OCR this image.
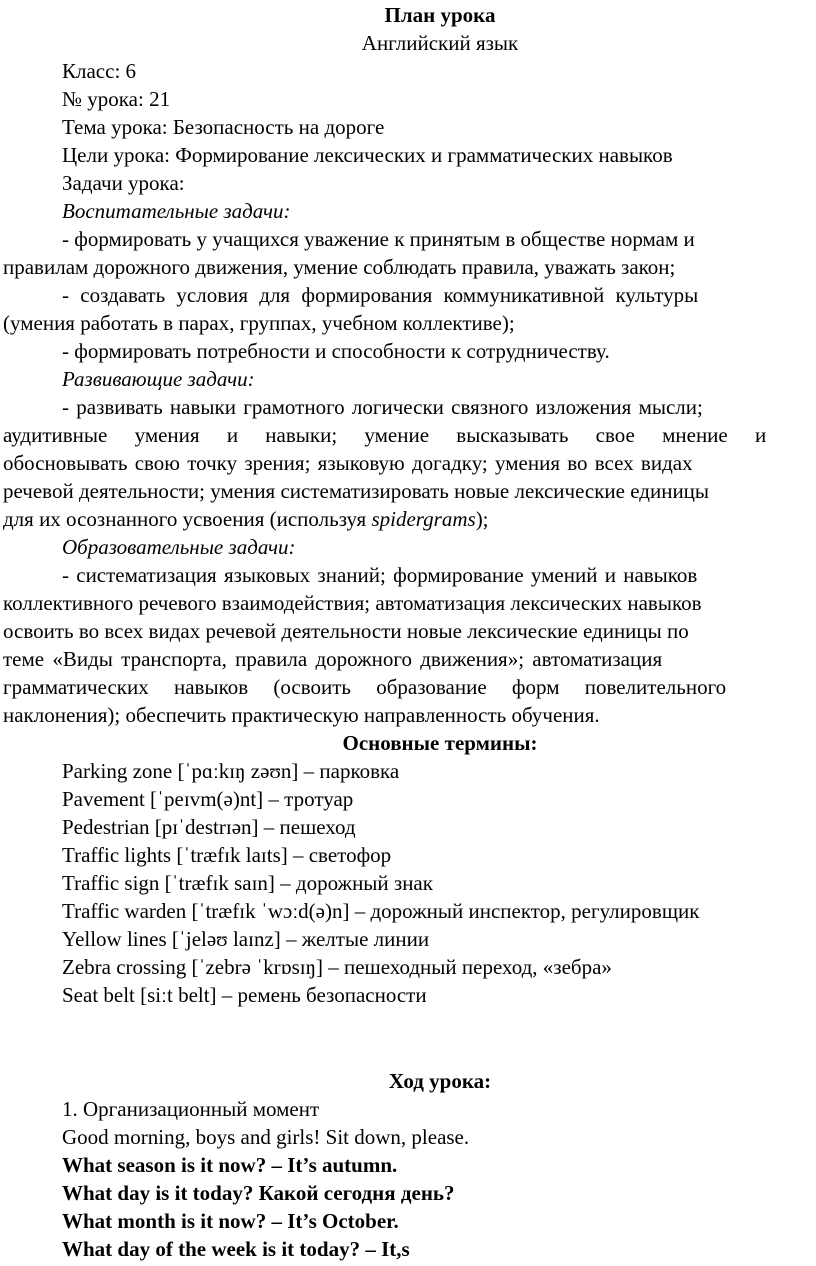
План урока
Английский язык
Класс: 6
№ урока: 21
Тема урока: Безопасность на дороге
Цели урока: Формирование лексических и грамматических навыков
Задачи урока:
Воспитательные задачи:
- формировать у учащихся уважение к принятым в обществе нормам и
правилам дорожного движения, умение соблюдать правила, уважать закон;
- создавать условия для формирования коммуникативной культуры
(умения работать в парах, группах, учебном коллективе);
- формировать потребности и способности к сотрудничеству.
Развивающие задачи:
- развивать навыки грамотного логически связного изложения мысли;
аудитивные умения и навыки; умение высказывать свое мнение и
обосновывать свою точку зрения; языковую догадку; умения во всех видах
речевой деятельности; умения систематизировать новые лексические единицы
для их осознанного усвоения (используя spidergrams);
Образовательные задачи:
- систематизация языковых знаний; формирование умений и навыков
коллективного речевого взаимодействия; автоматизация лексических навыков
освоить во всех видах речевой деятельности новые лексические единицы по
теме «Виды транспорта, правила дорожного движения»; автоматизация
грамматических навыков (освоить образование форм повелительного
наклонения); обеспечить практическую направленность обучения.
Основные термины:
Parking zone [ˈpɑːkɪŋ zəʊn] – парковка
Pavement [ˈpeɪvm(ə)nt] – тротуар
Pedestrian [pɪˈdestrɪən] – пешеход
Traffic lights [ˈtræfɪk laɪts] – светофор
Traffic sign [ˈtræfɪk saɪn] – дорожный знак
Traffic warden [ˈtræfɪk ˈwɔːd(ə)n] – дорожный инспектор, регулировщик
Yellow lines [ˈjeləʊ laɪnz] – желтые линии
Zebra crossing [ˈzebrə ˈkrɒsɪŋ] – пешеходный переход, «зебра»
Seat belt [siːt belt] – ремень безопасности
Ход урока:
1. Организационный момент
Good morning, boys and girls! Sit down, please.
What season is it now? – It’s autumn.
What day is it today? Какой сегодня день?
What month is it now? – It’s October.
What day of the week is it today? – It,s
